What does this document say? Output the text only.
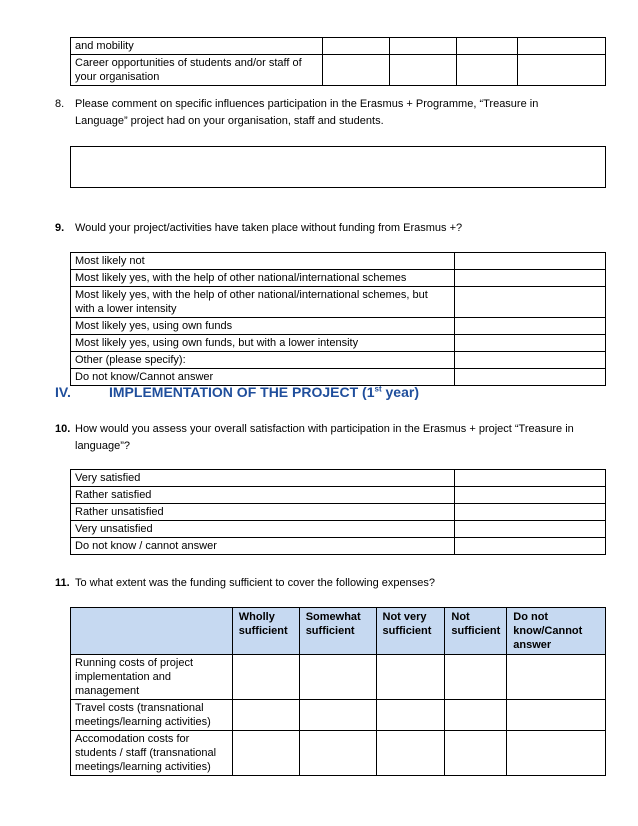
and mobility				
Career opportunities of students and/or staff of your organisation				
8. Please comment on specific influences participation in the Erasmus + Programme, “Treasure in Language” project had on your organisation, staff and students.
9. Would your project/activities have taken place without funding from Erasmus +?
Most likely not	
Most likely yes, with the help of other national/international schemes	
Most likely yes, with the help of other national/international schemes, but with a lower intensity	
Most likely yes, using own funds	
Most likely yes, using own funds, but with a lower intensity	
Other (please specify):	
Do not know/Cannot answer	
IV.	IMPLEMENTATION OF THE PROJECT (1st year)
10. How would you assess your overall satisfaction with participation in the Erasmus + project “Treasure in language”?
Very satisfied	
Rather satisfied	
Rather unsatisfied	
Very unsatisfied	
Do not know / cannot answer	
11. To what extent was the funding sufficient to cover the following expenses?
	Wholly sufficient	Somewhat sufficient	Not very sufficient	Not sufficient	Do not know/Cannot answer
Running costs of project implementation and management					
Travel costs (transnational meetings/learning activities)					
Accomodation costs for students / staff (transnational meetings/learning activities)					
